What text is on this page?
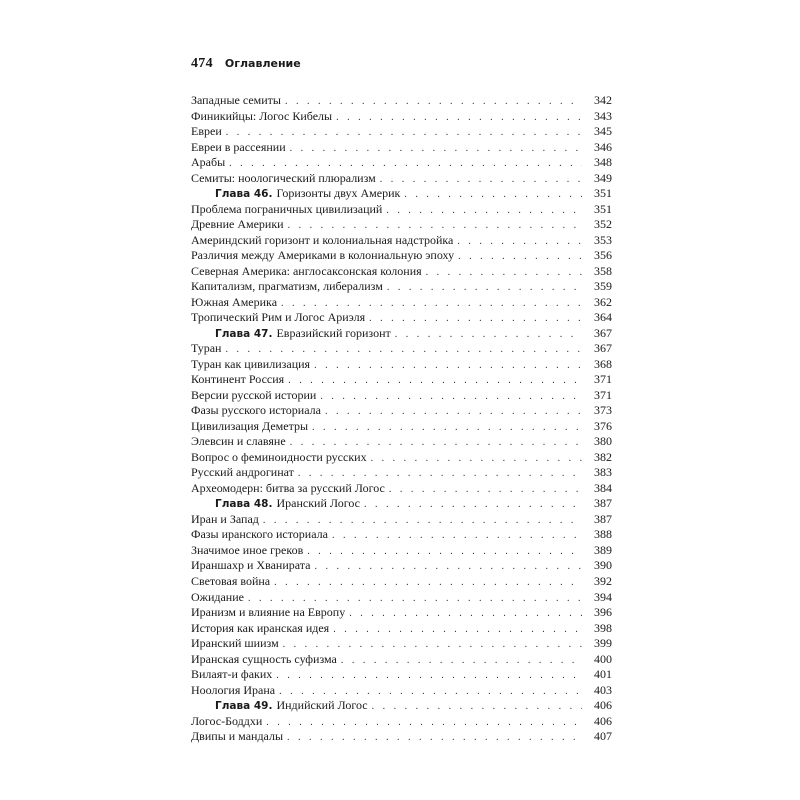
474 Оглавление
Западные семиты . . .	342
Финикийцы: Логос Кибелы . . .	343
Евреи . . .	345
Евреи в рассеянии . . .	346
Арабы . . .	348
Семиты: ноологический плюрализм . . .	349
Глава 46. Горизонты двух Америк . . .	351
Проблема пограничных цивилизаций . . .	351
Древние Америки . . .	352
Америндский горизонт и колониальная надстройка . . .	353
Различия между Америками в колониальную эпоху . . .	356
Северная Америка: англосаксонская колония . . .	358
Капитализм, прагматизм, либерализм . . .	359
Южная Америка . . .	362
Тропический Рим и Логос Ариэля . . .	364
Глава 47. Евразийский горизонт . . .	367
Туран . . .	367
Туран как цивилизация . . .	368
Континент Россия . . .	371
Версии русской истории . . .	371
Фазы русского историала . . .	373
Цивилизация Деметры . . .	376
Элевсин и славяне . . .	380
Вопрос о феминоидности русских . . .	382
Русский андрогинат . . .	383
Археомодерн: битва за русский Логос . . .	384
Глава 48. Иранский Логос . . .	387
Иран и Запад . . .	387
Фазы иранского историала . . .	388
Значимое иное греков . . .	389
Ираншахр и Хванирата . . .	390
Световая война . . .	392
Ожидание . . .	394
Иранизм и влияние на Европу . . .	396
История как иранская идея . . .	398
Иранский шиизм . . .	399
Иранская сущность суфизма . . .	400
Вилаят-и факих . . .	401
Ноология Ирана . . .	403
Глава 49. Индийский Логос . . .	406
Логос-Боддхи . . .	406
Двипы и мандалы . . .	407
